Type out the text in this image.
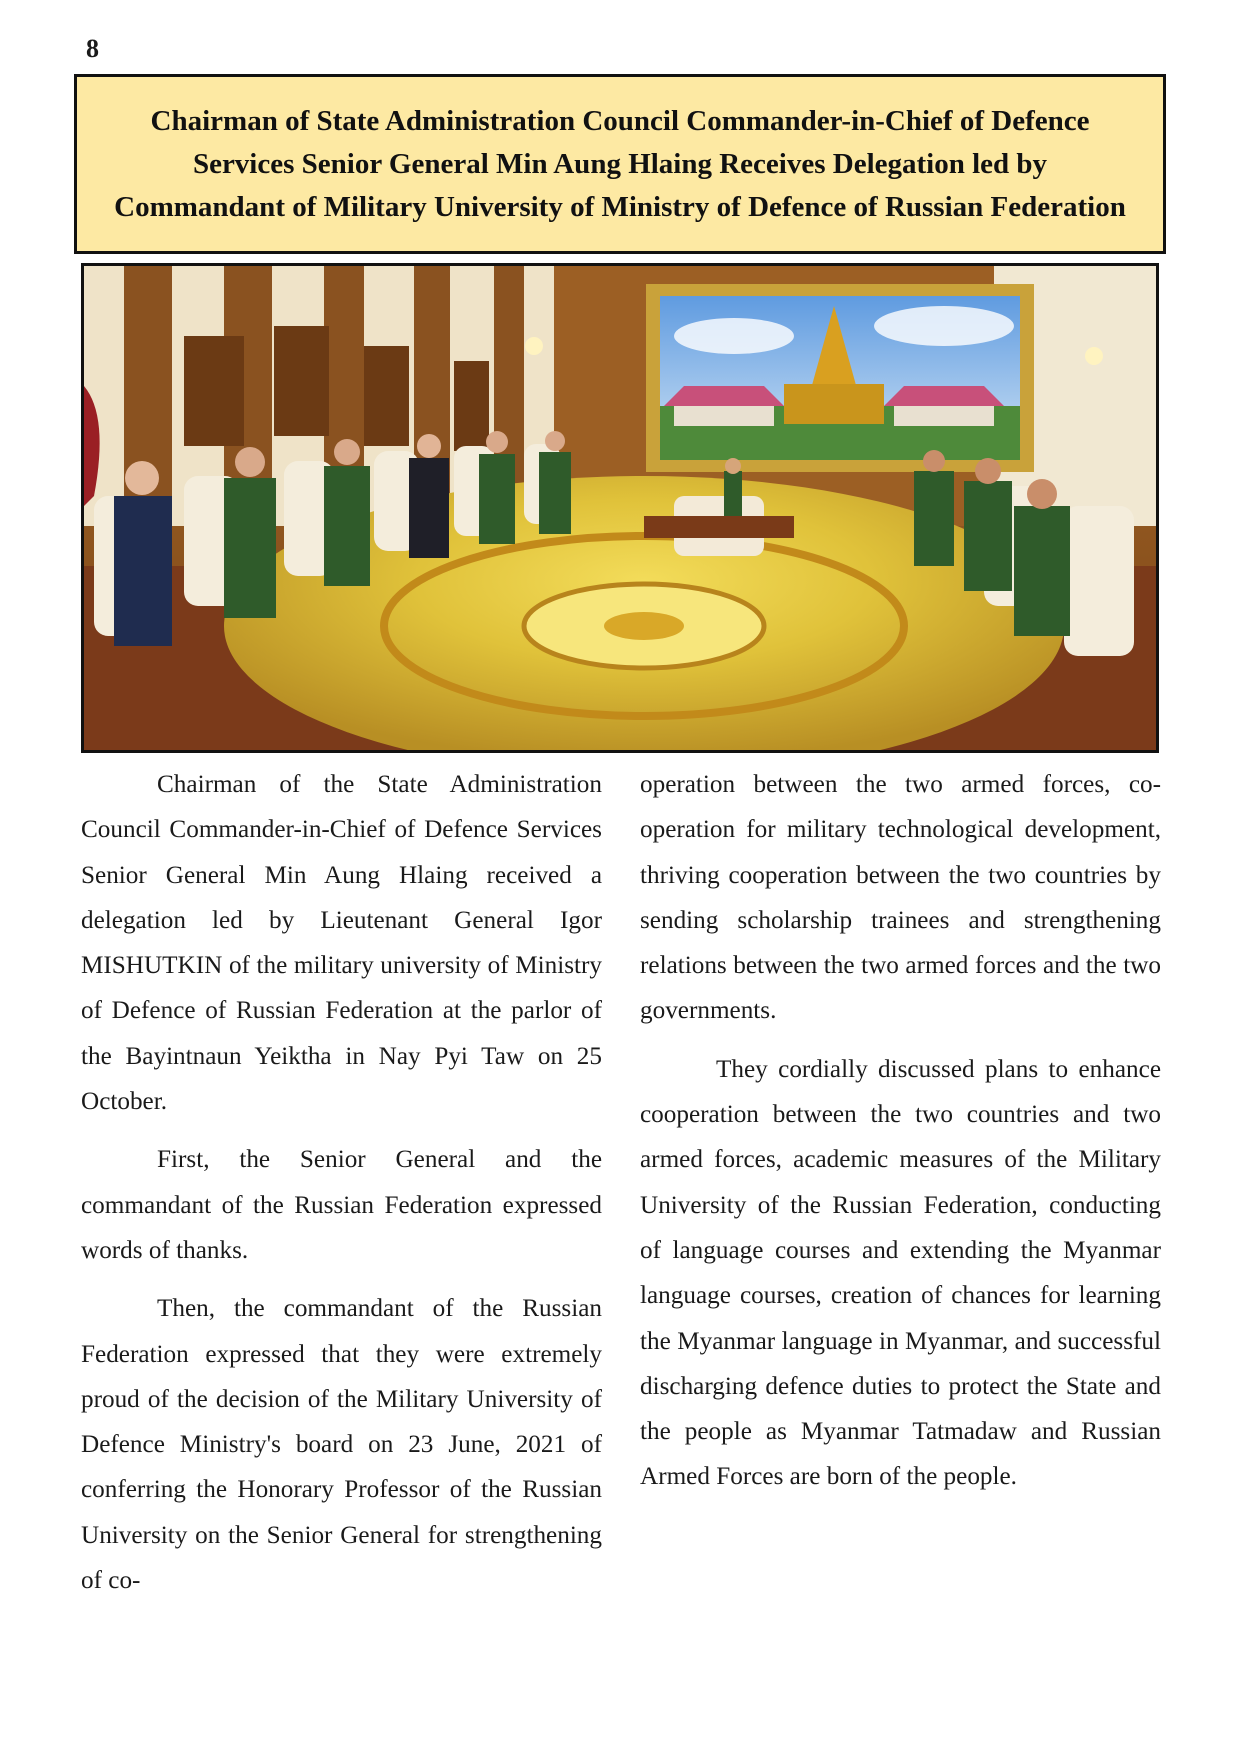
8
Chairman of State Administration Council Commander-in-Chief of Defence Services Senior General Min Aung Hlaing Receives Delegation led by Commandant of Military University of Ministry of Defence of Russian Federation

Chairman of the State Administration Council Commander-in-Chief of Defence Services Senior General Min Aung Hlaing received a delegation led by Lieutenant General Igor MISHUTKIN of the military university of Ministry of Defence of Russian Federation at the parlor of the Bayintnaun Yeiktha in Nay Pyi Taw on 25 October.

First, the Senior General and the commandant of the Russian Federation expressed words of thanks.

Then, the commandant of the Russian Federation expressed that they were extremely proud of the decision of the Military University of Defence Ministry's board on 23 June, 2021 of conferring the Honorary Professor of the Russian University on the Senior General for strengthening of co-

operation between the two armed forces, cooperation for military technological development, thriving cooperation between the two countries by sending scholarship trainees and strengthening relations between the two armed forces and the two governments.

They cordially discussed plans to enhance cooperation between the two countries and two armed forces, academic measures of the Military University of the Russian Federation, conducting of language courses and extending the Myanmar language courses, creation of chances for learning the Myanmar language in Myanmar, and successful discharging defence duties to protect the State and the people as Myanmar Tatmadaw and Russian Armed Forces are born of the people.
